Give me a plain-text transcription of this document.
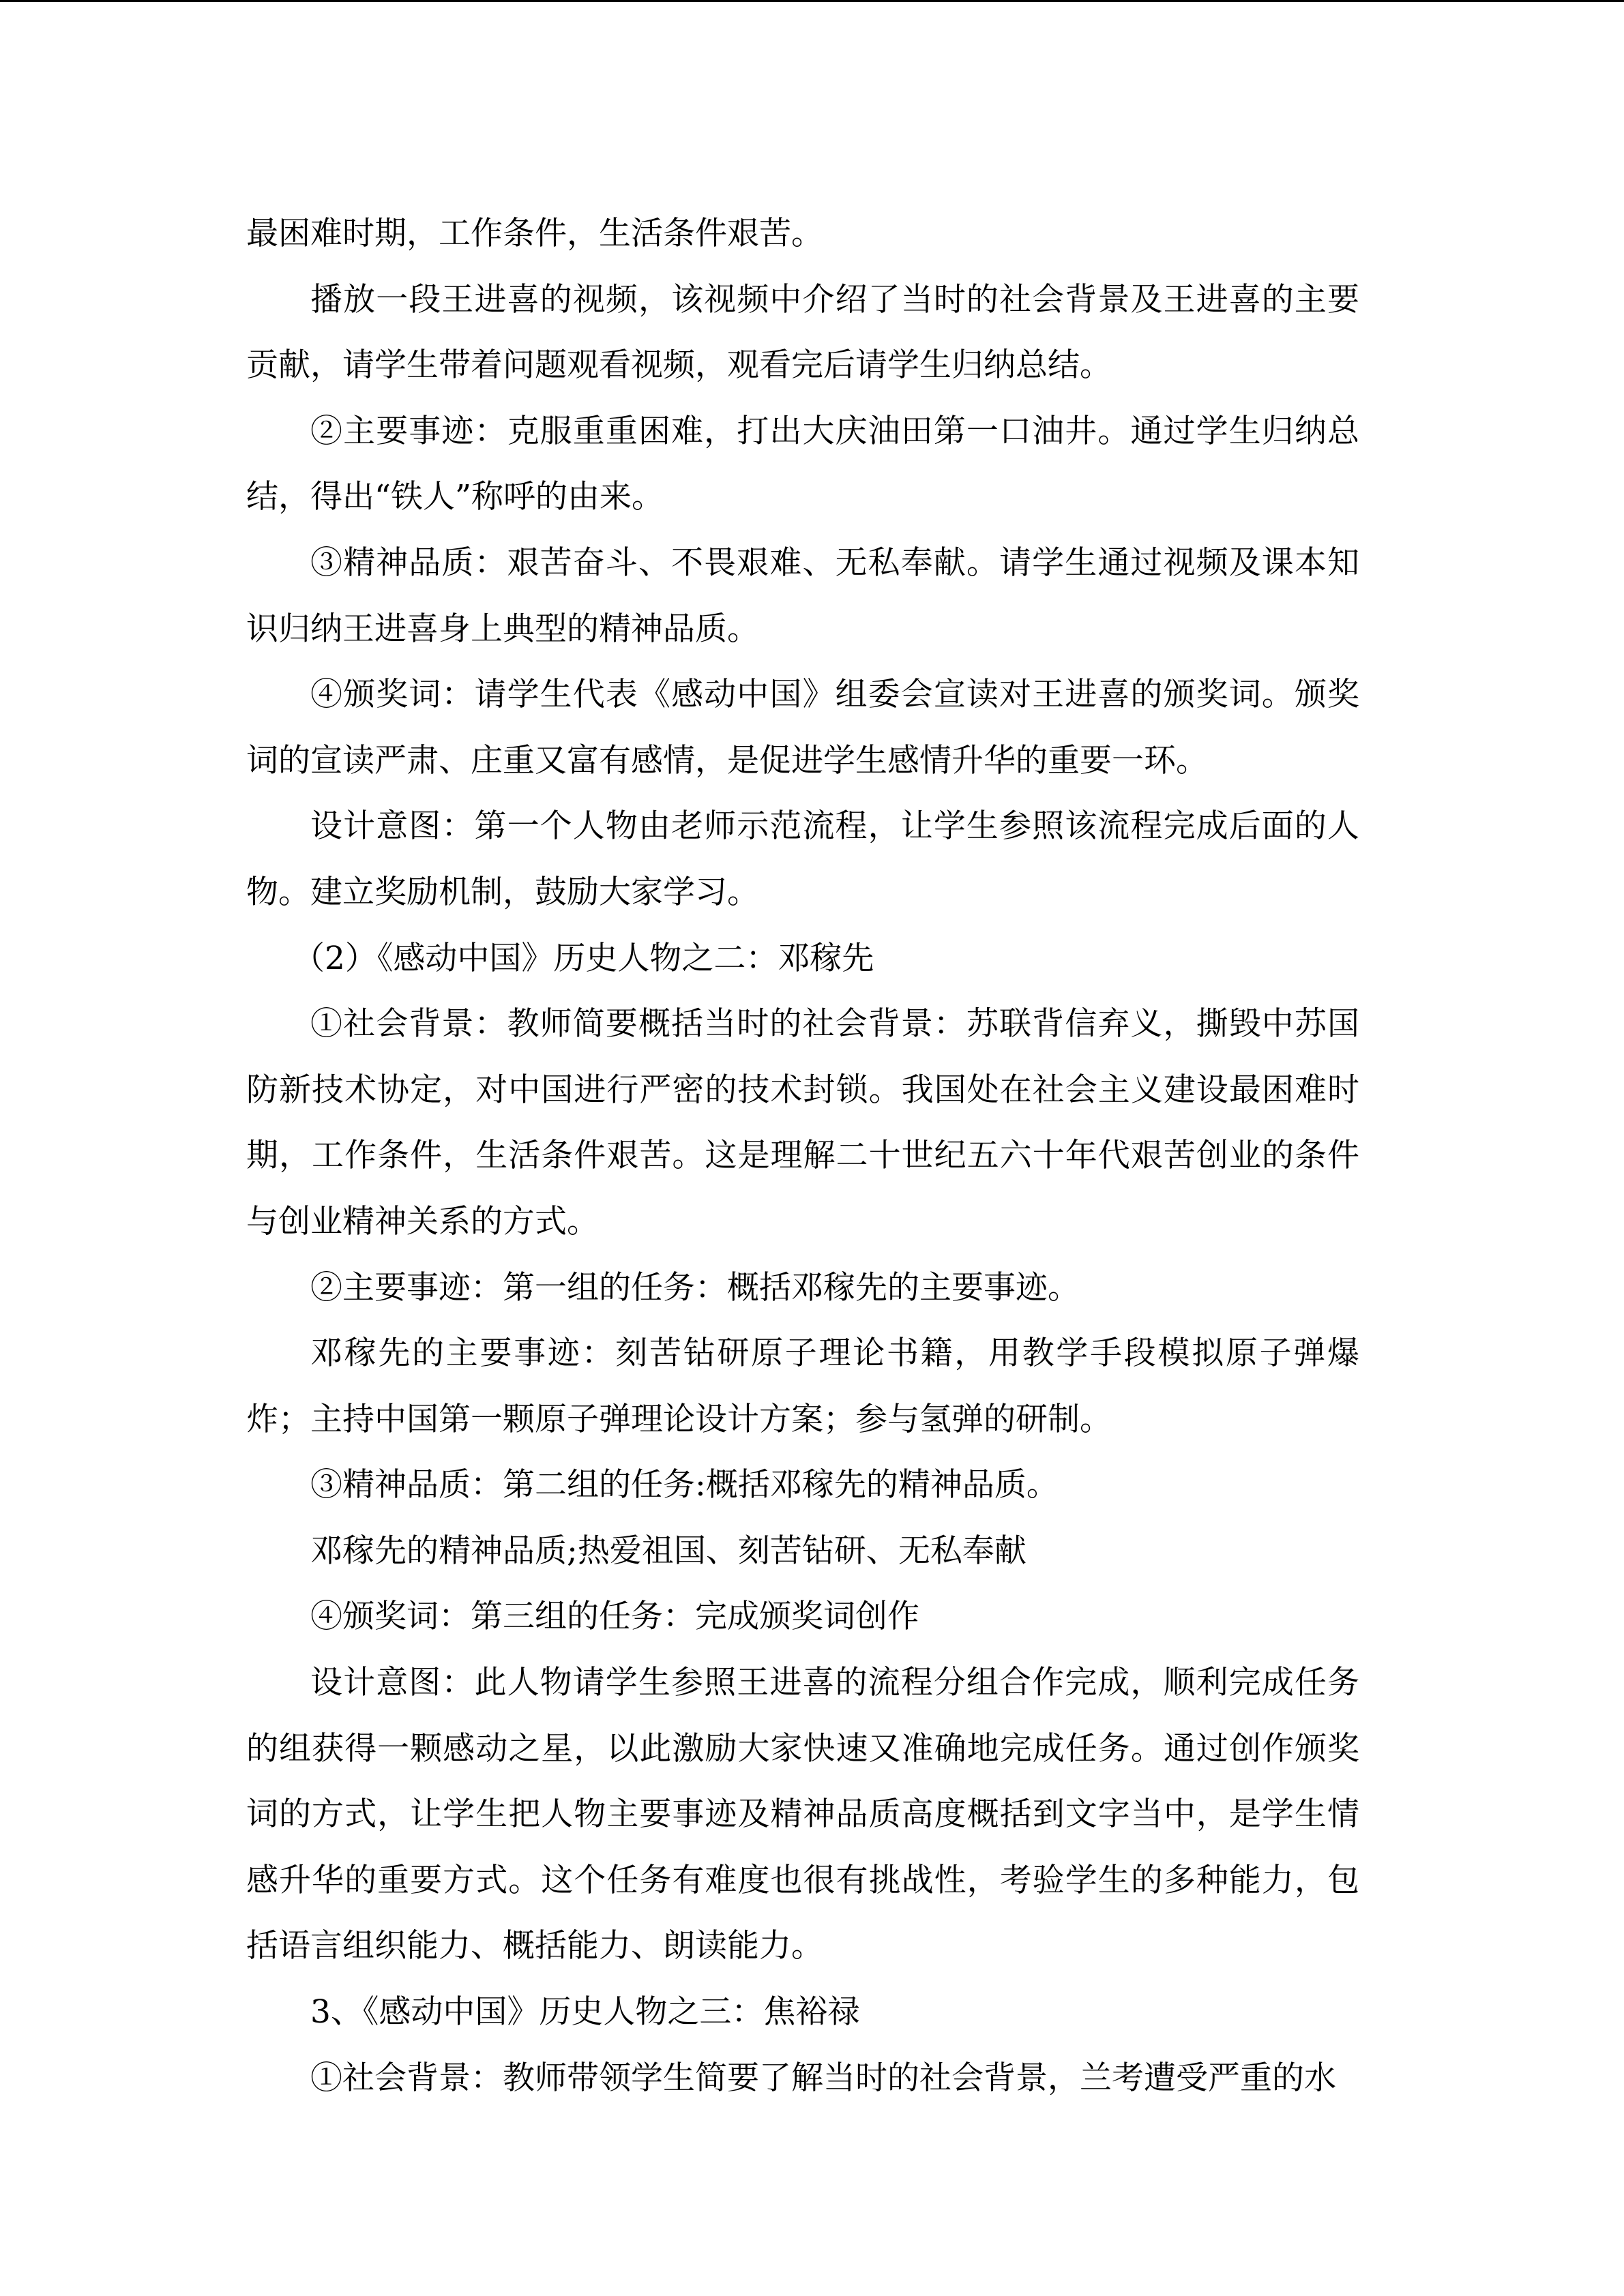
最困难时期，工作条件，生活条件艰苦。

播放一段王进喜的视频，该视频中介绍了当时的社会背景及王进喜的主要贡献，请学生带着问题观看视频，观看完后请学生归纳总结。

②主要事迹：克服重重困难，打出大庆油田第一口油井。通过学生归纳总结，得出“铁人”称呼的由来。

③精神品质：艰苦奋斗、不畏艰难、无私奉献。请学生通过视频及课本知识归纳王进喜身上典型的精神品质。

④颁奖词：请学生代表《感动中国》组委会宣读对王进喜的颁奖词。颁奖词的宣读严肃、庄重又富有感情，是促进学生感情升华的重要一环。

设计意图：第一个人物由老师示范流程，让学生参照该流程完成后面的人物。建立奖励机制，鼓励大家学习。

（2）《感动中国》历史人物之二：邓稼先

①社会背景：教师简要概括当时的社会背景：苏联背信弃义，撕毁中苏国防新技术协定，对中国进行严密的技术封锁。我国处在社会主义建设最困难时期，工作条件，生活条件艰苦。这是理解二十世纪五六十年代艰苦创业的条件与创业精神关系的方式。

②主要事迹：第一组的任务：概括邓稼先的主要事迹。

邓稼先的主要事迹：刻苦钻研原子理论书籍，用教学手段模拟原子弹爆炸；主持中国第一颗原子弹理论设计方案；参与氢弹的研制。

③精神品质：第二组的任务:概括邓稼先的精神品质。

邓稼先的精神品质;热爱祖国、刻苦钻研、无私奉献

④颁奖词：第三组的任务：完成颁奖词创作

设计意图：此人物请学生参照王进喜的流程分组合作完成，顺利完成任务的组获得一颗感动之星，以此激励大家快速又准确地完成任务。通过创作颁奖词的方式，让学生把人物主要事迹及精神品质高度概括到文字当中，是学生情感升华的重要方式。这个任务有难度也很有挑战性，考验学生的多种能力，包括语言组织能力、概括能力、朗读能力。

3、《感动中国》历史人物之三：焦裕禄

①社会背景：教师带领学生简要了解当时的社会背景，兰考遭受严重的水
